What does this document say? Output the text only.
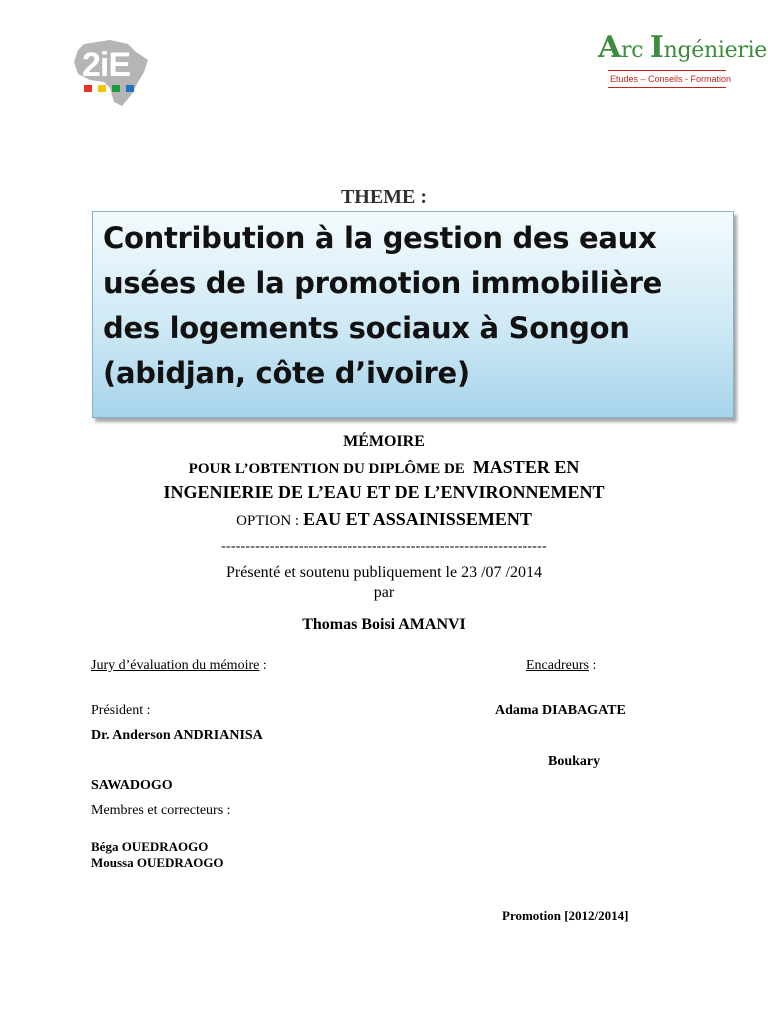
2iE	Arc Ingénierie
Etudes – Conseils - Formation
THEME :
Contribution à la gestion des eaux usées de la promotion immobilière des logements sociaux à Songon (abidjan, côte d’ivoire)
MÉMOIRE
POUR L’OBTENTION DU DIPLÔME DE MASTER EN
INGENIERIE DE L’EAU ET DE L’ENVIRONNEMENT
OPTION : EAU ET ASSAINISSEMENT
-------------------------------------------------------------------
Présenté et soutenu publiquement le 23 /07 /2014
par
Thomas Boisi AMANVI
Jury d’évaluation du mémoire :	Encadreurs :
Président :	Adama DIABAGATE
Dr. Anderson ANDRIANISA
Boukary
SAWADOGO
Membres et correcteurs :
Béga OUEDRAOGO
Moussa OUEDRAOGO
Promotion [2012/2014]
